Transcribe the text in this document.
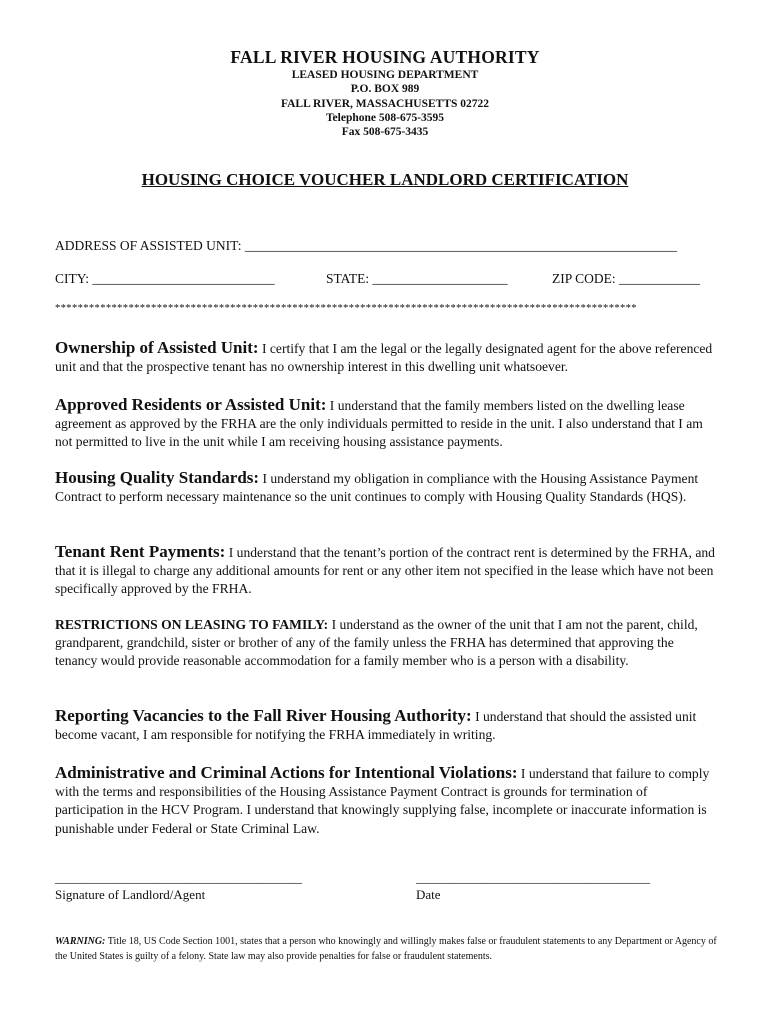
FALL RIVER HOUSING AUTHORITY
LEASED HOUSING DEPARTMENT
P.O. BOX 989
FALL RIVER, MASSACHUSETTS 02722
Telephone 508-675-3595
Fax 508-675-3435
HOUSING CHOICE VOUCHER LANDLORD CERTIFICATION
ADDRESS OF ASSISTED UNIT: ________________________________________________________________
CITY: ___________________________	STATE: ____________________	ZIP CODE: ____________
*******************************************************************************************************
Ownership of Assisted Unit: I certify that I am the legal or the legally designated agent for the above referenced unit and that the prospective tenant has no ownership interest in this dwelling unit whatsoever.
Approved Residents or Assisted Unit: I understand that the family members listed on the dwelling lease agreement as approved by the FRHA are the only individuals permitted to reside in the unit. I also understand that I am not permitted to live in the unit while I am receiving housing assistance payments.
Housing Quality Standards: I understand my obligation in compliance with the Housing Assistance Payment Contract to perform necessary maintenance so the unit continues to comply with Housing Quality Standards (HQS).
Tenant Rent Payments: I understand that the tenant’s portion of the contract rent is determined by the FRHA, and that it is illegal to charge any additional amounts for rent or any other item not specified in the lease which have not been specifically approved by the FRHA.
RESTRICTIONS ON LEASING TO FAMILY: I understand as the owner of the unit that I am not the parent, child, grandparent, grandchild, sister or brother of any of the family unless the FRHA has determined that approving the tenancy would provide reasonable accommodation for a family member who is a person with a disability.
Reporting Vacancies to the Fall River Housing Authority: I understand that should the assisted unit become vacant, I am responsible for notifying the FRHA immediately in writing.
Administrative and Criminal Actions for Intentional Violations: I understand that failure to comply with the terms and responsibilities of the Housing Assistance Payment Contract is grounds for termination of participation in the HCV Program. I understand that knowingly supplying false, incomplete or inaccurate information is punishable under Federal or State Criminal Law.
______________________________________
Signature of Landlord/Agent
____________________________________
Date
WARNING: Title 18, US Code Section 1001, states that a person who knowingly and willingly makes false or fraudulent statements to any Department or Agency of the United States is guilty of a felony. State law may also provide penalties for false or fraudulent statements.
